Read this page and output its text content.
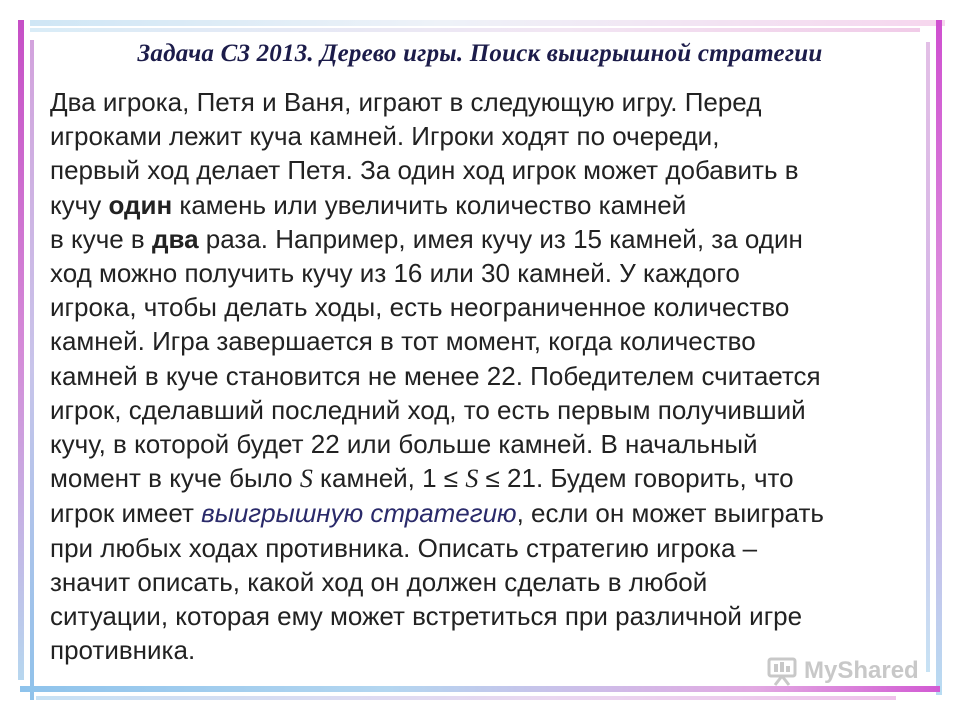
Задача С3 2013. Дерево игры. Поиск выигрышной стратегии
Два игрока, Петя и Ваня, играют в следующую игру. Перед
игроками лежит куча камней. Игроки ходят по очереди,
первый ход делает Петя. За один ход игрок может добавить в
кучу один камень или увеличить количество камней
в куче в два раза. Например, имея кучу из 15 камней, за один
ход можно получить кучу из 16 или 30 камней. У каждого
игрока, чтобы делать ходы, есть неограниченное количество
камней. Игра завершается в тот момент, когда количество
камней в куче становится не менее 22. Победителем считается
игрок, сделавший последний ход, то есть первым получивший
кучу, в которой будет 22 или больше камней. В начальный
момент в куче было S камней, 1 ≤ S ≤ 21. Будем говорить, что
игрок имеет выигрышную стратегию, если он может выиграть
при любых ходах противника. Описать стратегию игрока –
значит описать, какой ход он должен сделать в любой
ситуации, которая ему может встретиться при различной игре
противника.
MyShared
